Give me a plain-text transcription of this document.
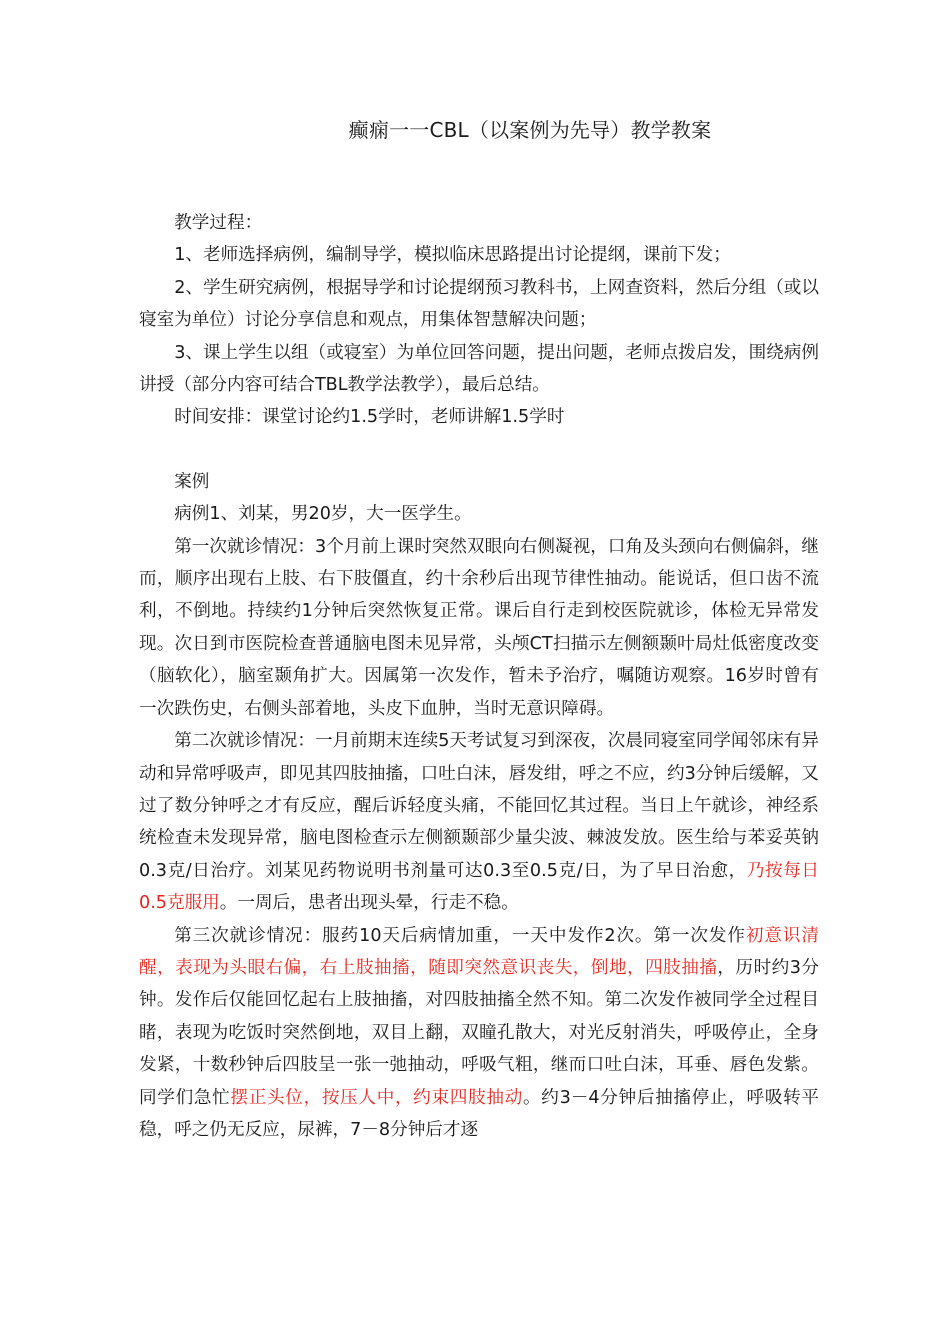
癫痫一一CBL（以案例为先导）教学教案

教学过程：

1、老师选择病例，编制导学，模拟临床思路提出讨论提纲，课前下发；

2、学生研究病例，根据导学和讨论提纲预习教科书，上网查资料，然后分组（或以寝室为单位）讨论分享信息和观点，用集体智慧解决问题；

3、课上学生以组（或寝室）为单位回答问题，提出问题，老师点拨启发，围绕病例讲授（部分内容可结合TBL教学法教学），最后总结。

时间安排：课堂讨论约1.5学时，老师讲解1.5学时

案例

病例1、刘某，男20岁，大一医学生。

第一次就诊情况：3个月前上课时突然双眼向右侧凝视，口角及头颈向右侧偏斜，继而，顺序出现右上肢、右下肢僵直，约十余秒后出现节律性抽动。能说话，但口齿不流利，不倒地。持续约1分钟后突然恢复正常。课后自行走到校医院就诊，体检无异常发现。次日到市医院检查普通脑电图未见异常，头颅CT扫描示左侧额颞叶局灶低密度改变（脑软化），脑室颞角扩大。因属第一次发作，暂未予治疗，嘱随访观察。16岁时曾有一次跌伤史，右侧头部着地，头皮下血肿，当时无意识障碍。

第二次就诊情况：一月前期末连续5天考试复习到深夜，次晨同寝室同学闻邻床有异动和异常呼吸声，即见其四肢抽搐，口吐白沫，唇发绀，呼之不应，约3分钟后缓解，又过了数分钟呼之才有反应，醒后诉轻度头痛，不能回忆其过程。当日上午就诊，神经系统检查未发现异常，脑电图检查示左侧额颞部少量尖波、棘波发放。医生给与苯妥英钠0.3克/日治疗。刘某见药物说明书剂量可达0.3至0.5克/日，为了早日治愈，乃按每日0.5克服用。一周后，患者出现头晕，行走不稳。

第三次就诊情况：服药10天后病情加重，一天中发作2次。第一次发作初意识清醒，表现为头眼右偏，右上肢抽搐，随即突然意识丧失，倒地，四肢抽搐，历时约3分钟。发作后仅能回忆起右上肢抽搐，对四肢抽搐全然不知。第二次发作被同学全过程目睹，表现为吃饭时突然倒地，双目上翻，双瞳孔散大，对光反射消失，呼吸停止，全身发紧，十数秒钟后四肢呈一张一弛抽动，呼吸气粗，继而口吐白沫，耳垂、唇色发紫。同学们急忙摆正头位，按压人中，约束四肢抽动。约3－4分钟后抽搐停止，呼吸转平稳，呼之仍无反应，尿裤，7－8分钟后才逐
